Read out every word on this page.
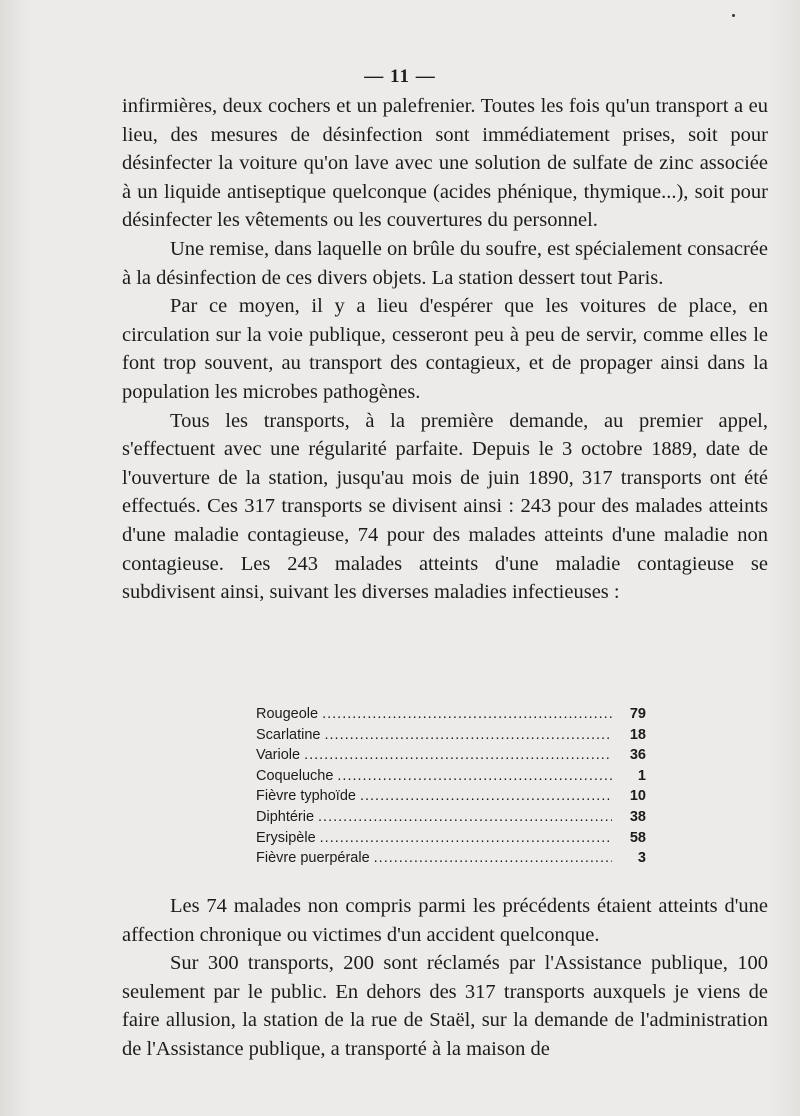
— 11 —

infirmières, deux cochers et un palefrenier. Toutes les fois qu'un transport a eu lieu, des mesures de désinfection sont immédiatement prises, soit pour désinfecter la voiture qu'on lave avec une solution de sulfate de zinc associée à un liquide antiseptique quelconque (acides phénique, thymique...), soit pour désinfecter les vêtements ou les couvertures du personnel.

Une remise, dans laquelle on brûle du soufre, est spécialement consacrée à la désinfection de ces divers objets. La station dessert tout Paris.

Par ce moyen, il y a lieu d'espérer que les voitures de place, en circulation sur la voie publique, cesseront peu à peu de servir, comme elles le font trop souvent, au transport des contagieux, et de propager ainsi dans la population les microbes pathogènes.

Tous les transports, à la première demande, au premier appel, s'effectuent avec une régularité parfaite. Depuis le 3 octobre 1889, date de l'ouverture de la station, jusqu'au mois de juin 1890, 317 transports ont été effectués. Ces 317 transports se divisent ainsi : 243 pour des malades atteints d'une maladie contagieuse, 74 pour des malades atteints d'une maladie non contagieuse. Les 243 malades atteints d'une maladie contagieuse se subdivisent ainsi, suivant les diverses maladies infectieuses :

Rougeole .....	79
Scarlatine .....	18
Variole .....	36
Coqueluche .....	1
Fièvre typhoïde .....	10
Diphtérie .....	38
Erysipèle .....	58
Fièvre puerpérale .....	3

Les 74 malades non compris parmi les précédents étaient atteints d'une affection chronique ou victimes d'un accident quelconque.

Sur 300 transports, 200 sont réclamés par l'Assistance publique, 100 seulement par le public. En dehors des 317 transports auxquels je viens de faire allusion, la station de la rue de Staël, sur la demande de l'administration de l'Assistance publique, a transporté à la maison de
